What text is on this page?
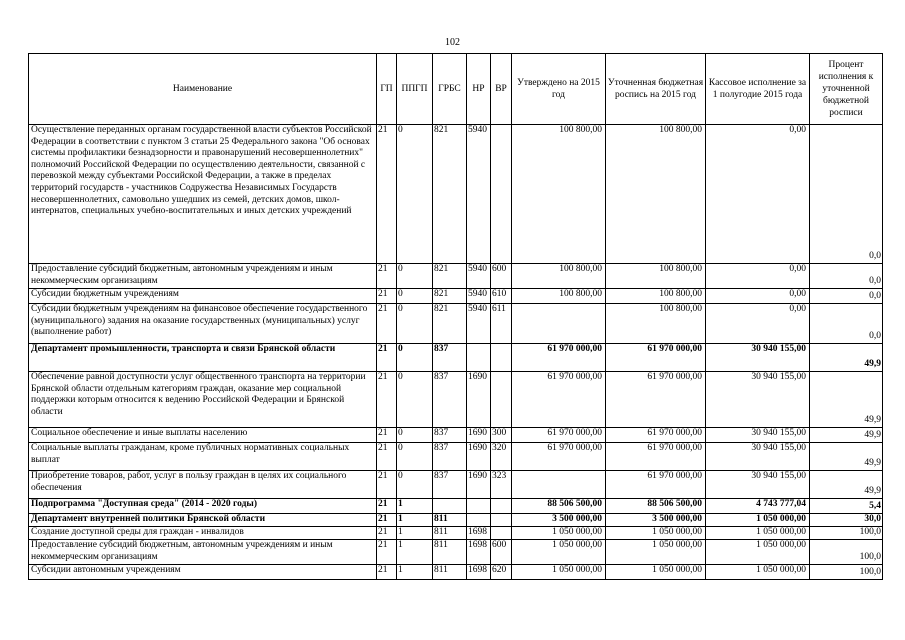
102
Наименование	ГП	ППГП	ГРБС	НР	ВР	Утверждено на 2015 год	Уточненная бюджетная роспись на 2015 год	Кассовое исполнение за 1 полугодие 2015 года	Процент исполнения к уточненной бюджетной росписи
Осуществление переданных органам государственной власти субъектов Российской Федерации в соответствии с пунктом 3 статьи 25 Федерального закона "Об основах системы профилактики безнадзорности и правонарушений несовершеннолетних" полномочий Российской Федерации по осуществлению деятельности, связанной с перевозкой между субъектами Российской Федерации, а также в пределах территорий государств - участников Содружества Независимых Государств несовершеннолетних, самовольно ушедших из семей, детских домов, школ-интернатов, специальных учебно-воспитательных и иных детских учреждений	21	0	821	5940		100 800,00	100 800,00	0,00	0,0
Предоставление субсидий бюджетным, автономным учреждениям и иным некоммерческим организациям	21	0	821	5940	600	100 800,00	100 800,00	0,00	0,0
Субсидии бюджетным учреждениям	21	0	821	5940	610	100 800,00	100 800,00	0,00	0,0
Субсидии бюджетным учреждениям на финансовое обеспечение государственного (муниципального) задания на оказание государственных (муниципальных) услуг (выполнение работ)	21	0	821	5940	611		100 800,00	0,00	0,0
Департамент промышленности, транспорта и связи Брянской области	21	0	837			61 970 000,00	61 970 000,00	30 940 155,00	49,9
Обеспечение равной доступности услуг общественного транспорта на территории Брянской области отдельным категориям граждан, оказание мер социальной поддержки которым относится к ведению Российской Федерации и Брянской области	21	0	837	1690		61 970 000,00	61 970 000,00	30 940 155,00	49,9
Социальное обеспечение и иные выплаты населению	21	0	837	1690	300	61 970 000,00	61 970 000,00	30 940 155,00	49,9
Социальные выплаты гражданам, кроме публичных нормативных социальных выплат	21	0	837	1690	320	61 970 000,00	61 970 000,00	30 940 155,00	49,9
Приобретение товаров, работ, услуг в пользу граждан в целях их социального обеспечения	21	0	837	1690	323		61 970 000,00	30 940 155,00	49,9
Подпрограмма "Доступная среда" (2014 - 2020 годы)	21	1				88 506 500,00	88 506 500,00	4 743 777,04	5,4
Департамент внутренней политики Брянской области	21	1	811			3 500 000,00	3 500 000,00	1 050 000,00	30,0
Создание доступной среды для граждан - инвалидов	21	1	811	1698		1 050 000,00	1 050 000,00	1 050 000,00	100,0
Предоставление субсидий бюджетным, автономным учреждениям и иным некоммерческим организациям	21	1	811	1698	600	1 050 000,00	1 050 000,00	1 050 000,00	100,0
Субсидии автономным учреждениям	21	1	811	1698	620	1 050 000,00	1 050 000,00	1 050 000,00	100,0
